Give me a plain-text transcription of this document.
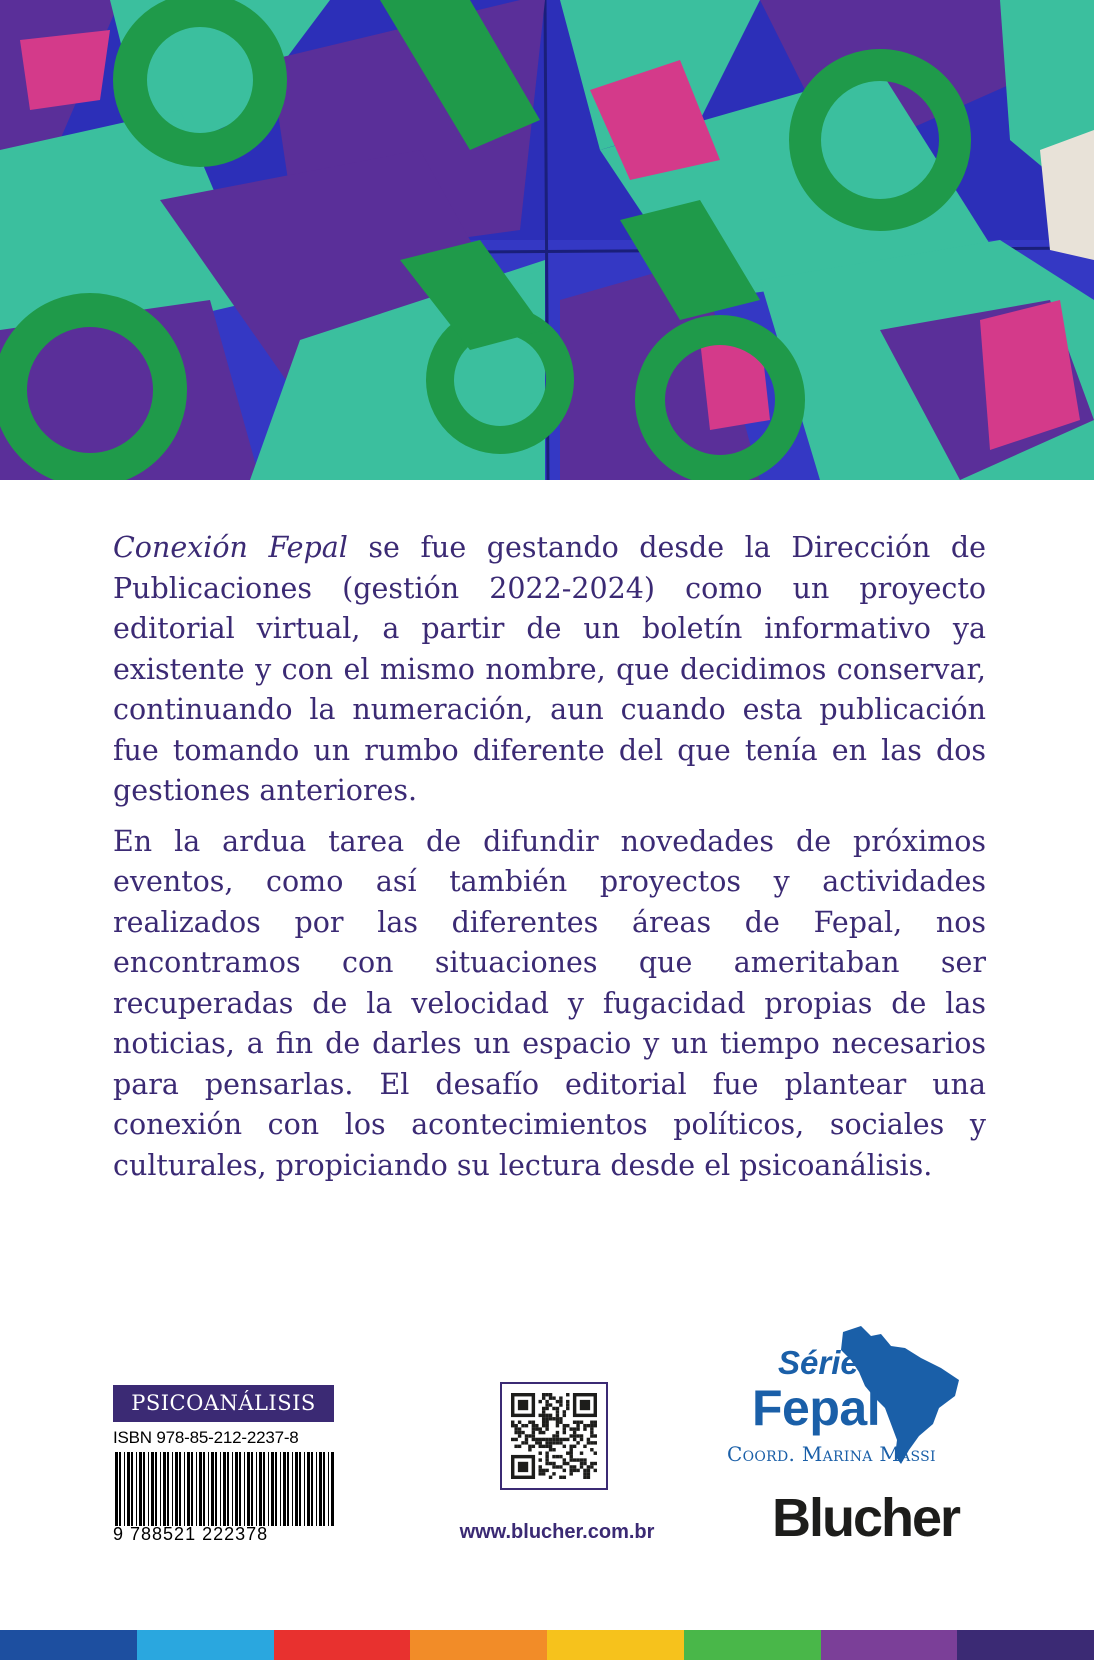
Conexión Fepal se fue gestando desde la Dirección de Publicaciones (gestión 2022-2024) como un proyecto editorial virtual, a partir de un boletín informativo ya existente y con el mismo nombre, que decidimos conservar, continuando la numeración, aun cuando esta publicación fue tomando un rumbo diferente del que tenía en las dos gestiones anteriores.

En la ardua tarea de difundir novedades de próximos eventos, como así también proyectos y actividades realizados por las diferentes áreas de Fepal, nos encontramos con situaciones que ameritaban ser recuperadas de la velocidad y fugacidad propias de las noticias, a fin de darles un espacio y un tiempo necesarios para pensarlas. El desafío editorial fue plantear una conexión con los acontecimientos políticos, sociales y culturales, propiciando su lectura desde el psicoanálisis.

PSICOANÁLISIS
ISBN 978-85-212-2237-8
9 788521 222378	www.blucher.com.br
Série
Fepal
Coord. Marina Massi
Blucher
